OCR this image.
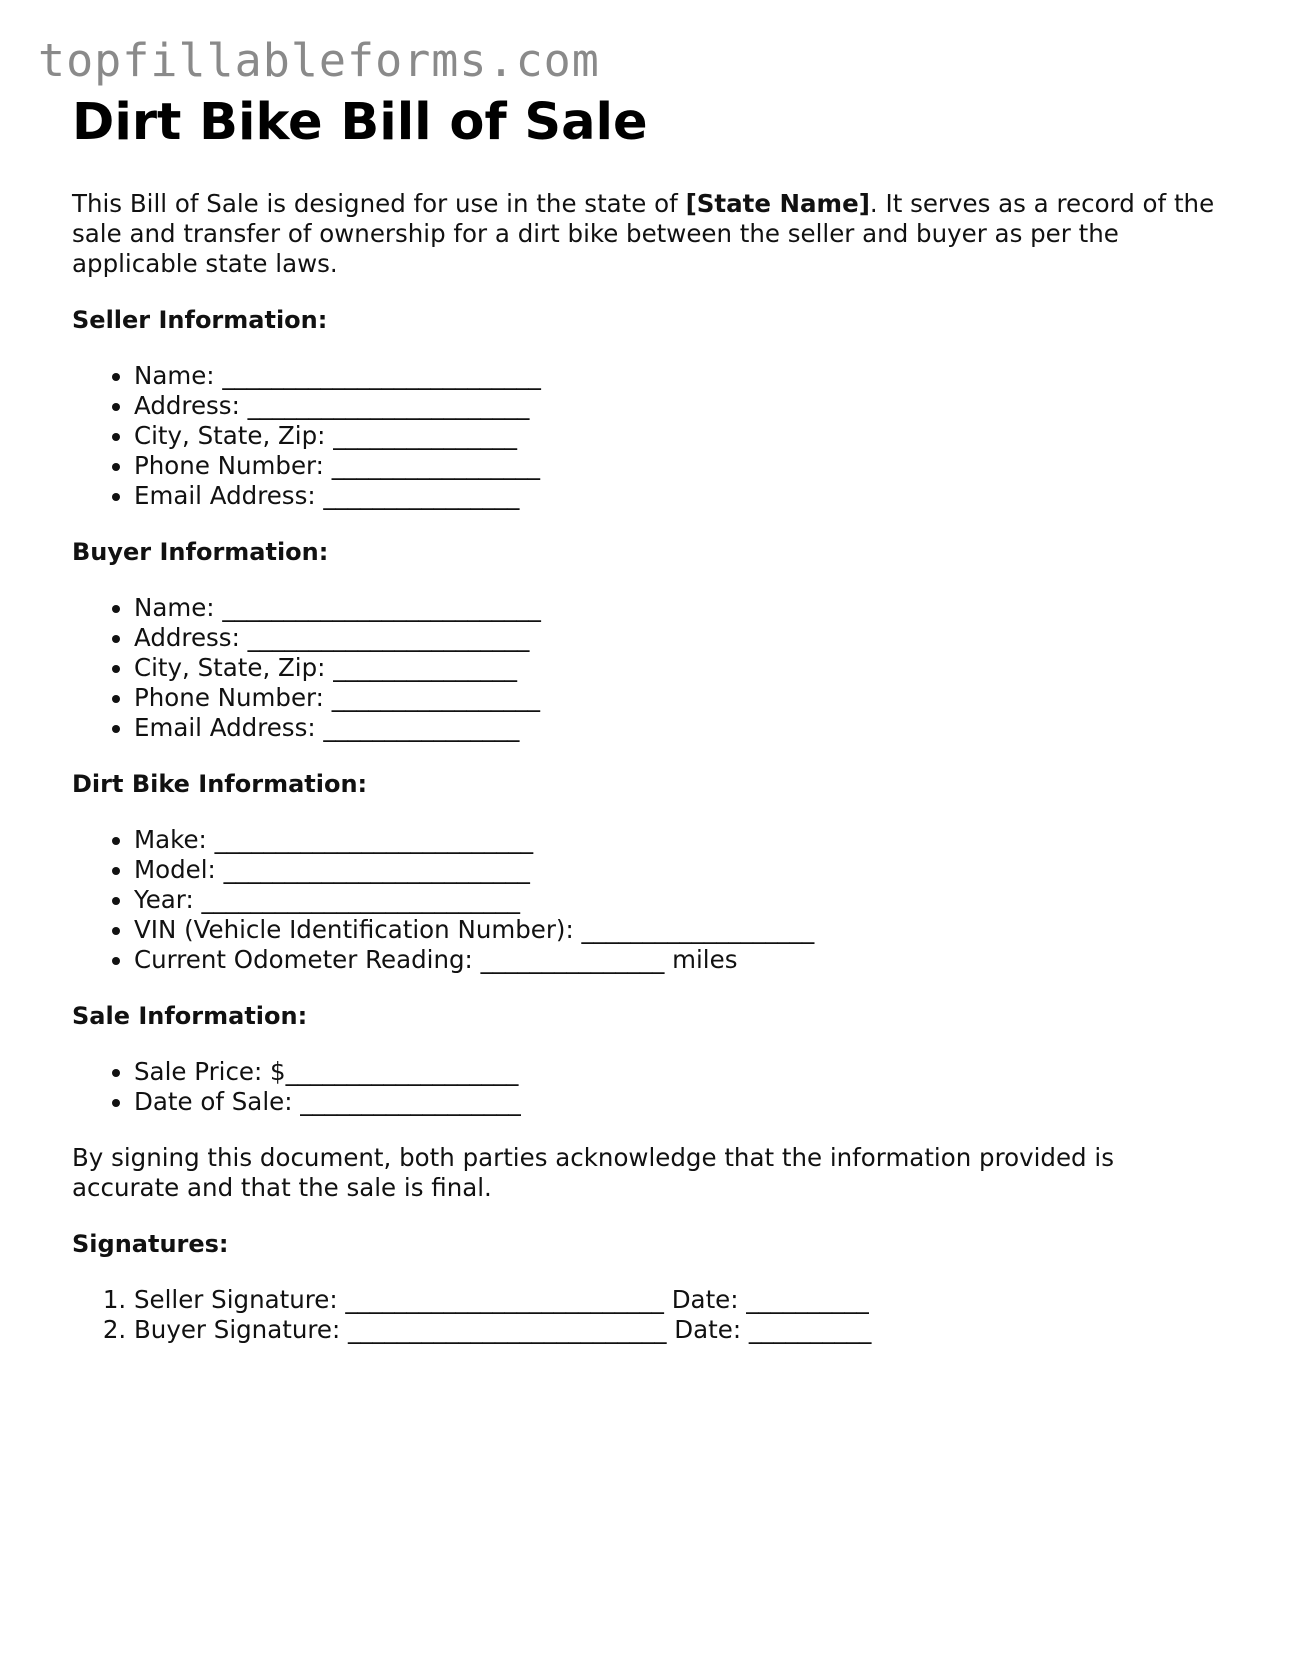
topfillableforms.com
Dirt Bike Bill of Sale

This Bill of Sale is designed for use in the state of [State Name]. It serves as a record of the sale and transfer of ownership for a dirt bike between the seller and buyer as per the applicable state laws.

Seller Information:
• Name: __________________________
• Address: _______________________
• City, State, Zip: _______________
• Phone Number: _________________
• Email Address: ________________
Buyer Information:
• Name: __________________________
• Address: _______________________
• City, State, Zip: _______________
• Phone Number: _________________
• Email Address: ________________
Dirt Bike Information:
• Make: __________________________
• Model: _________________________
• Year: __________________________
• VIN (Vehicle Identification Number): ___________________
• Current Odometer Reading: _______________ miles
Sale Information:
• Sale Price: $___________________
• Date of Sale: __________________

By signing this document, both parties acknowledge that the information provided is accurate and that the sale is final.

Signatures:
1. Seller Signature: __________________________ Date: __________
2. Buyer Signature: __________________________ Date: __________
